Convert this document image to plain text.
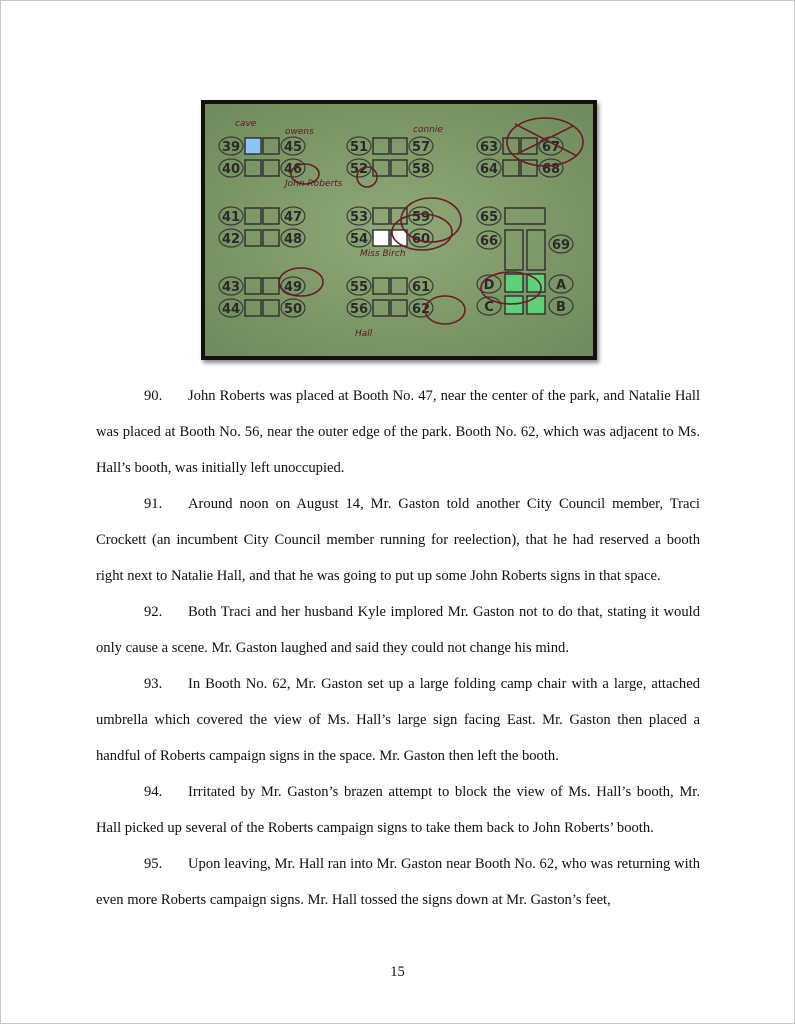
39	45
40	46
41	47
42	48
43	49
44	50
51	57
52	58
53	59
54	60
55	61
56	62
63	67
64	68
65
66	69
D	A
C	B
cave
owens	connie
John Roberts
Miss Birch
Hall

90. John Roberts was placed at Booth No. 47, near the center of the park, and Natalie Hall was placed at Booth No. 56, near the outer edge of the park. Booth No. 62, which was adjacent to Ms. Hall’s booth, was initially left unoccupied.

91. Around noon on August 14, Mr. Gaston told another City Council member, Traci Crockett (an incumbent City Council member running for reelection), that he had reserved a booth right next to Natalie Hall, and that he was going to put up some John Roberts signs in that space.

92. Both Traci and her husband Kyle implored Mr. Gaston not to do that, stating it would only cause a scene. Mr. Gaston laughed and said they could not change his mind.

93. In Booth No. 62, Mr. Gaston set up a large folding camp chair with a large, attached umbrella which covered the view of Ms. Hall’s large sign facing East. Mr. Gaston then placed a handful of Roberts campaign signs in the space. Mr. Gaston then left the booth.

94. Irritated by Mr. Gaston’s brazen attempt to block the view of Ms. Hall’s booth, Mr. Hall picked up several of the Roberts campaign signs to take them back to John Roberts’ booth.

95. Upon leaving, Mr. Hall ran into Mr. Gaston near Booth No. 62, who was returning with even more Roberts campaign signs. Mr. Hall tossed the signs down at Mr. Gaston’s feet,

15
